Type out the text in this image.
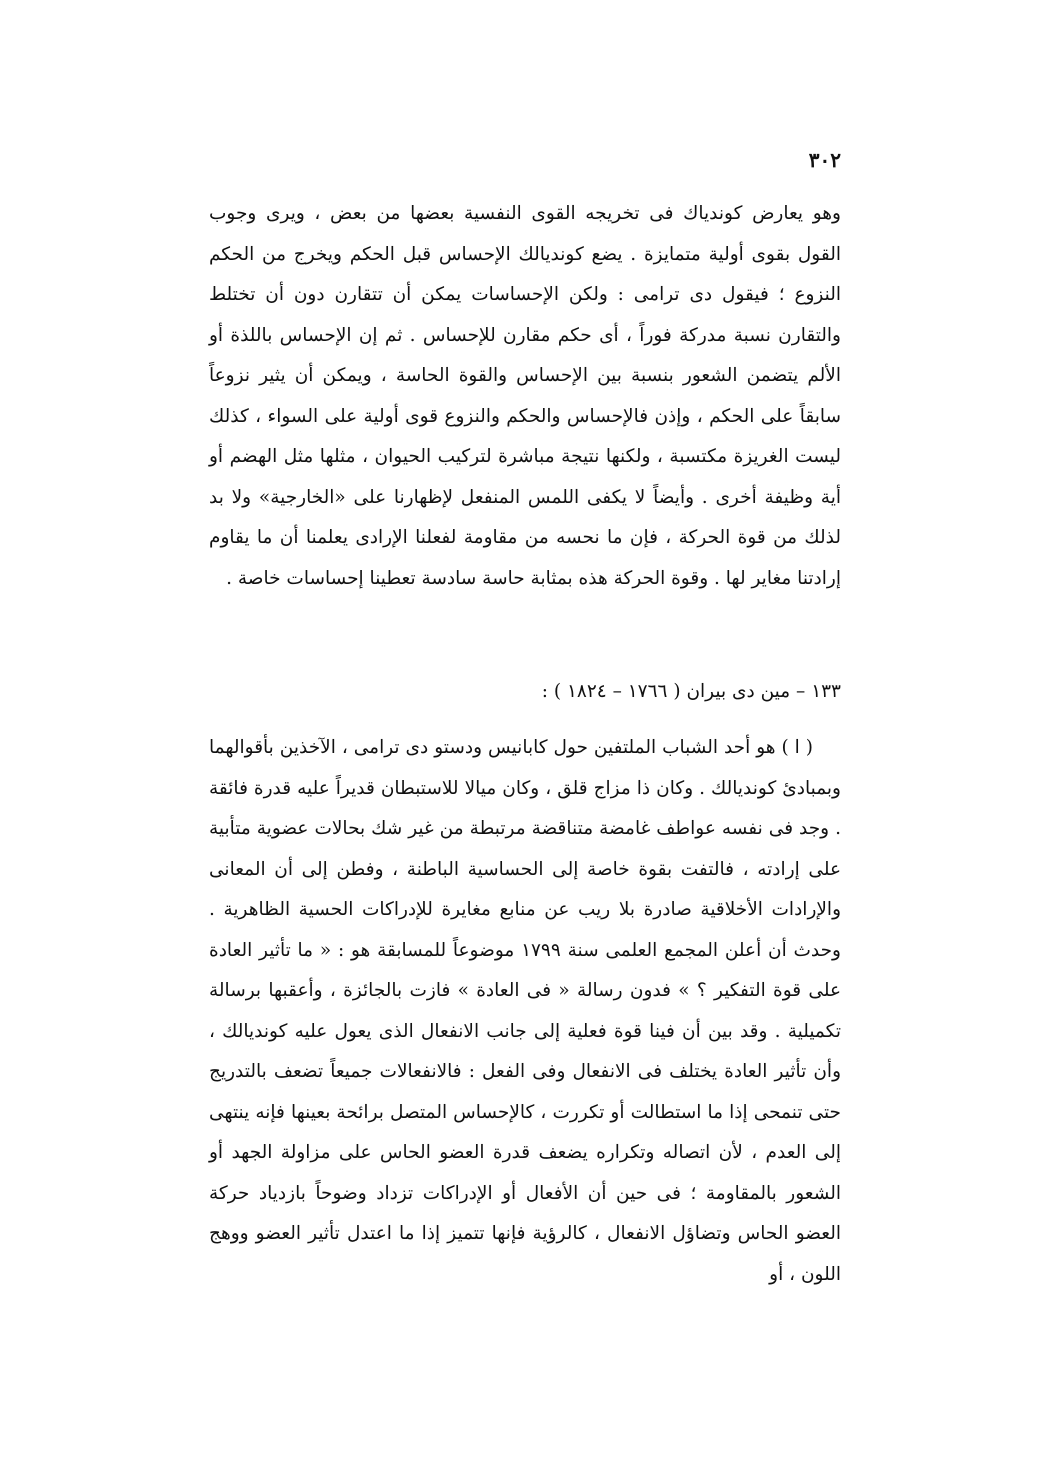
٣٠٢

وهو يعارض كوندياك فى تخريجه القوى النفسية بعضها من بعض ، ويرى وجوب القول بقوى أولية متمايزة . يضع كونديالك الإحساس قبل الحكم ويخرج من الحكم النزوع ؛ فيقول دى ترامى : ولكن الإحساسات يمكن أن تتقارن دون أن تختلط والتقارن نسبة مدركة فوراً ، أى حكم مقارن للإحساس . ثم إن الإحساس باللذة أو الألم يتضمن الشعور بنسبة بين الإحساس والقوة الحاسة ، ويمكن أن يثير نزوعاً سابقاً على الحكم ، وإذن فالإحساس والحكم والنزوع قوى أولية على السواء ، كذلك ليست الغريزة مكتسبة ، ولكنها نتيجة مباشرة لتركيب الحيوان ، مثلها مثل الهضم أو أية وظيفة أخرى . وأيضاً لا يكفى اللمس المنفعل لإظهارنا على «الخارجية» ولا بد لذلك من قوة الحركة ، فإن ما نحسه من مقاومة لفعلنا الإرادى يعلمنا أن ما يقاوم إرادتنا مغاير لها . وقوة الحركة هذه بمثابة حاسة سادسة تعطينا إحساسات خاصة .

١٣٣ – مين دى بيران ( ١٧٦٦ – ١٨٢٤ ) :

( ا ) هو أحد الشباب الملتفين حول كابانيس ودستو دى ترامى ، الآخذين بأقوالهما وبمبادئ كونديالك . وكان ذا مزاج قلق ، وكان ميالا للاستبطان قديراً عليه قدرة فائقة . وجد فى نفسه عواطف غامضة متناقضة مرتبطة من غير شك بحالات عضوية متأبية على إرادته ، فالتفت بقوة خاصة إلى الحساسية الباطنة ، وفطن إلى أن المعانى والإرادات الأخلاقية صادرة بلا ريب عن منابع مغايرة للإدراكات الحسية الظاهرية . وحدث أن أعلن المجمع العلمى سنة ١٧٩٩ موضوعاً للمسابقة هو : « ما تأثير العادة على قوة التفكير ؟ » فدون رسالة « فى العادة » فازت بالجائزة ، وأعقبها برسالة تكميلية . وقد بين أن فينا قوة فعلية إلى جانب الانفعال الذى يعول عليه كونديالك ، وأن تأثير العادة يختلف فى الانفعال وفى الفعل : فالانفعالات جميعاً تضعف بالتدريج حتى تنمحى إذا ما استطالت أو تكررت ، كالإحساس المتصل برائحة بعينها فإنه ينتهى إلى العدم ، لأن اتصاله وتكراره يضعف قدرة العضو الحاس على مزاولة الجهد أو الشعور بالمقاومة ؛ فى حين أن الأفعال أو الإدراكات تزداد وضوحاً بازدياد حركة العضو الحاس وتضاؤل الانفعال ، كالرؤية فإنها تتميز إذا ما اعتدل تأثير العضو ووهج اللون ، أو
